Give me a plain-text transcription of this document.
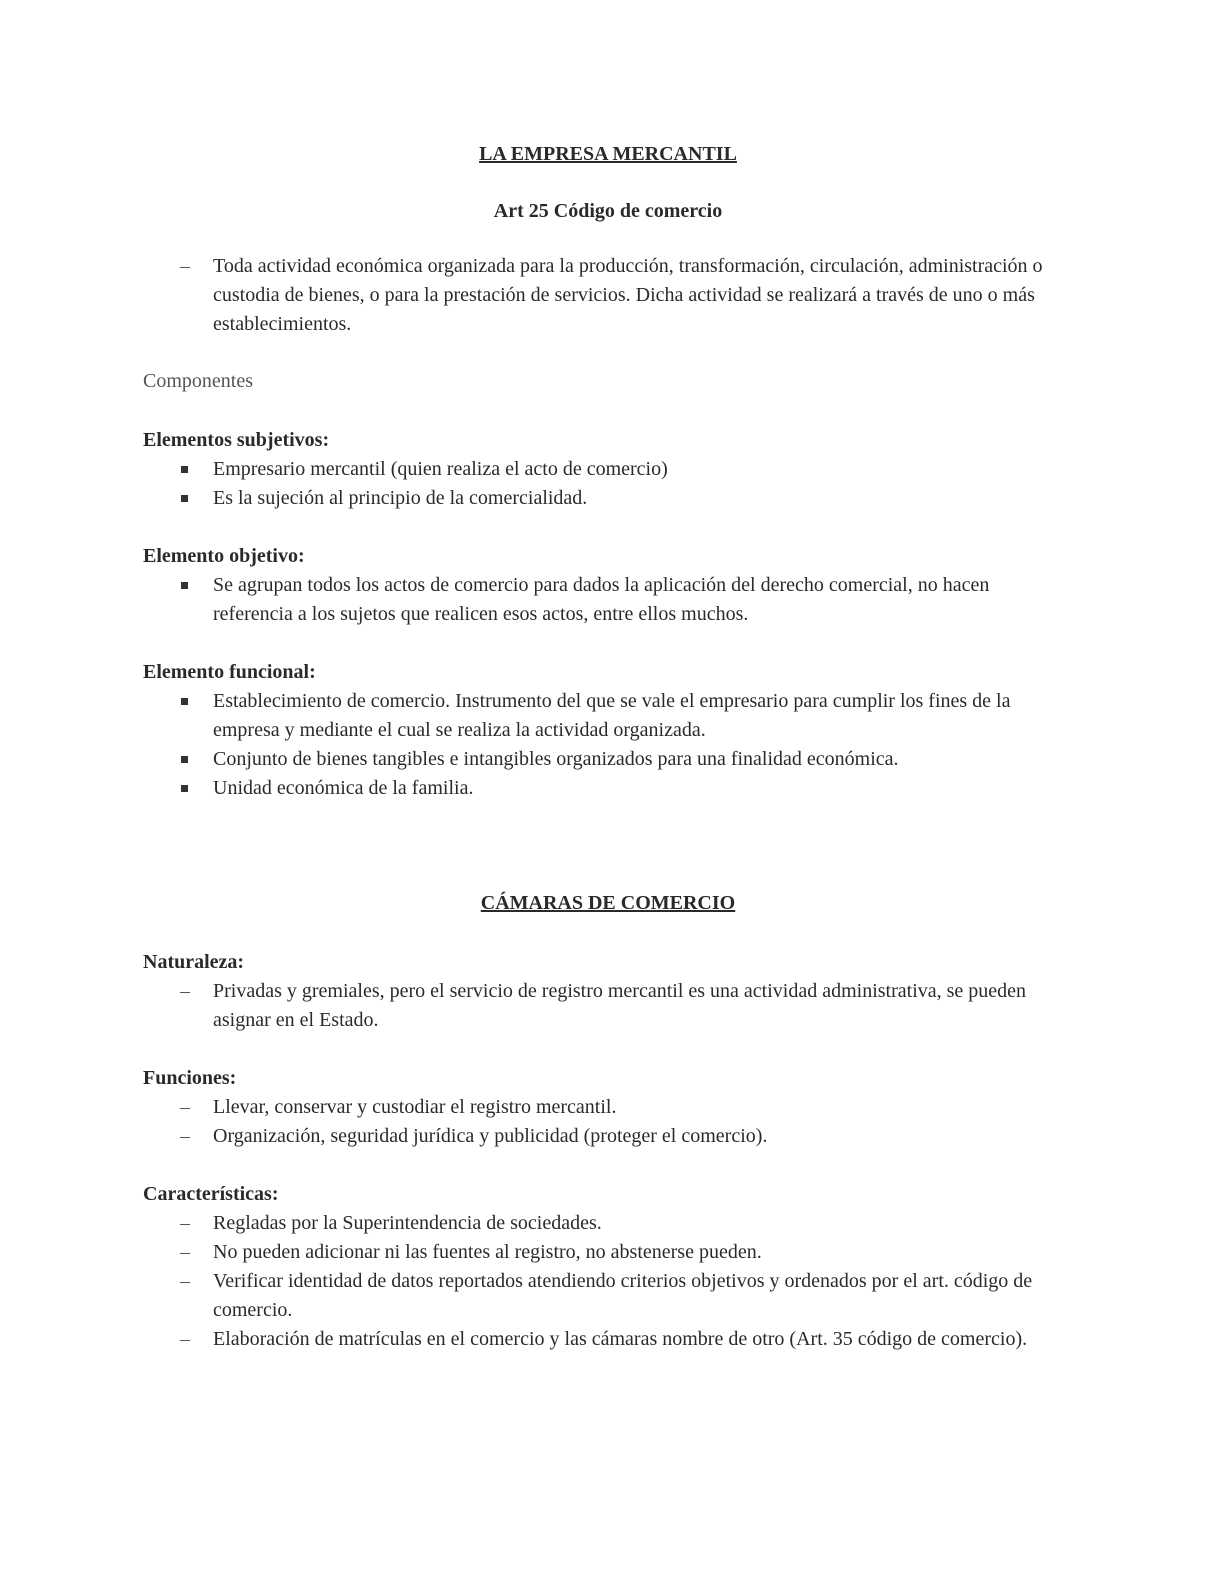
LA EMPRESA MERCANTIL

Art 25 Código de comercio

–
Toda actividad económica organizada para la producción, transformación, circulación, administración o custodia de bienes, o para la prestación de servicios. Dicha actividad se realizará a través de uno o más establecimientos.

Componentes

Elementos subjetivos:

Empresario mercantil (quien realiza el acto de comercio)
Es la sujeción al principio de la comercialidad.

Elemento objetivo:

Se agrupan todos los actos de comercio para dados la aplicación del derecho comercial, no hacen referencia a los sujetos que realicen esos actos, entre ellos muchos.

Elemento funcional:

Establecimiento de comercio. Instrumento del que se vale el empresario para cumplir los fines de la empresa y mediante el cual se realiza la actividad organizada.
Conjunto de bienes tangibles e intangibles organizados para una finalidad económica.
Unidad económica de la familia.

CÁMARAS DE COMERCIO

Naturaleza:

–
Privadas y gremiales, pero el servicio de registro mercantil es una actividad administrativa, se pueden asignar en el Estado.

Funciones:

–
Llevar, conservar y custodiar el registro mercantil.
–
Organización, seguridad jurídica y publicidad (proteger el comercio).

Características:

–
Regladas por la Superintendencia de sociedades.
–
No pueden adicionar ni las fuentes al registro, no abstenerse pueden.
–
Verificar identidad de datos reportados atendiendo criterios objetivos y ordenados por el art. código de comercio.
–
Elaboración de matrículas en el comercio y las cámaras nombre de otro (Art. 35 código de comercio).
